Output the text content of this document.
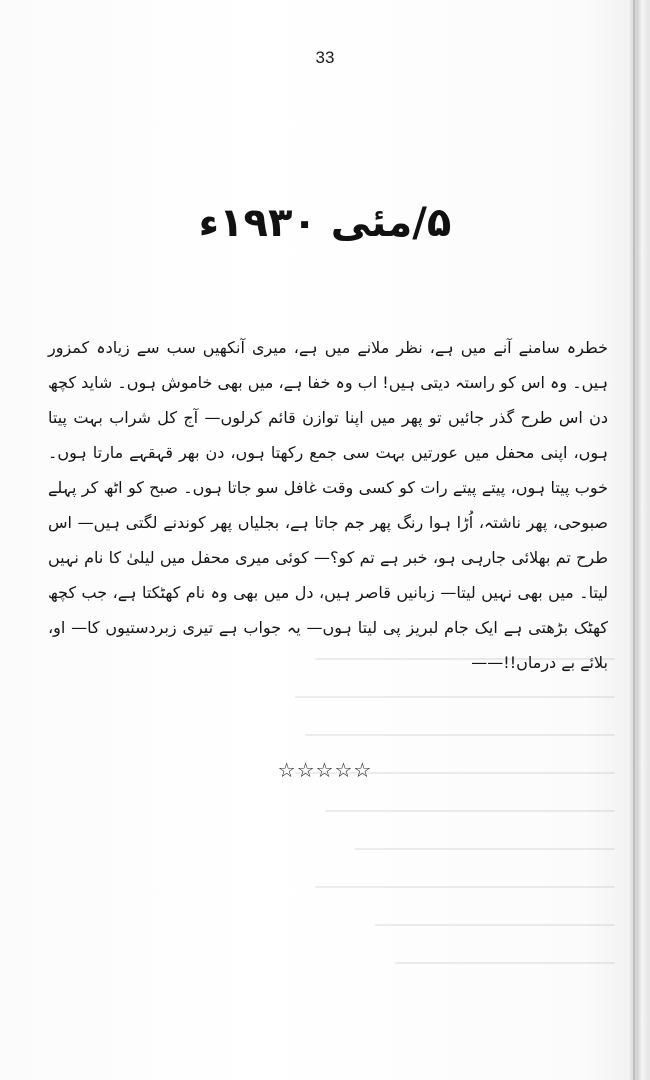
33
۵/مئی ۱۹۳۰ء

خطرہ سامنے آنے میں ہے، نظر ملانے میں ہے، میری آنکھیں سب سے زیادہ کمزور ہیں۔ وہ اس کو راستہ دیتی ہیں! اب وہ خفا ہے، میں بھی خاموش ہوں۔ شاید کچھ دن اس طرح گذر جائیں تو پھر میں اپنا توازن قائم کرلوں— آج کل شراب بہت پیتا ہوں، اپنی محفل میں عورتیں بہت سی جمع رکھتا ہوں، دن بھر قہقہے مارتا ہوں۔ خوب پیتا ہوں، پیتے پیتے رات کو کسی وقت غافل سو جاتا ہوں۔ صبح کو اٹھ کر پہلے صبوحی، پھر ناشتہ، اُڑا ہوا رنگ پھر جم جاتا ہے، بجلیاں پھر کوندنے لگتی ہیں— اس طرح تم بھلائی جارہی ہو، خبر ہے تم کو؟— کوئی میری محفل میں لیلیٰ کا نام نہیں لیتا۔ میں بھی نہیں لیتا— زبانیں قاصر ہیں، دل میں بھی وہ نام کھٹکتا ہے، جب کچھ کھٹک بڑھتی ہے ایک جام لبریز پی لیتا ہوں— یہ جواب ہے تیری زبردستیوں کا— او، بلائے بے درماں!!——

☆☆☆☆☆
